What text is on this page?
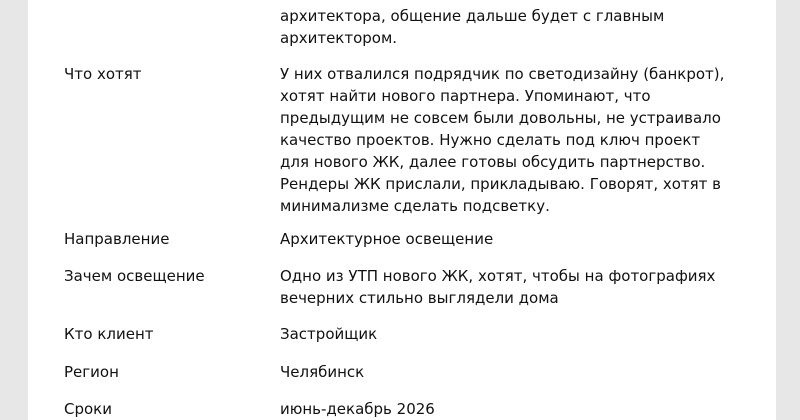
архитектора, общение дальше будет с главным
архитектором.
Что хотят	У них отвалился подрядчик по светодизайну (банкрот),
хотят найти нового партнера. Упоминают, что
предыдущим не совсем были довольны, не устраивало
качество проектов. Нужно сделать под ключ проект
для нового ЖК, далее готовы обсудить партнерство.
Рендеры ЖК прислали, прикладываю. Говорят, хотят в
минимализме сделать подсветку.
Направление	Архитектурное освещение
Зачем освещение	Одно из УТП нового ЖК, хотят, чтобы на фотографиях
вечерних стильно выглядели дома
Кто клиент	Застройщик
Регион	Челябинск
Сроки	июнь-декабрь 2026
